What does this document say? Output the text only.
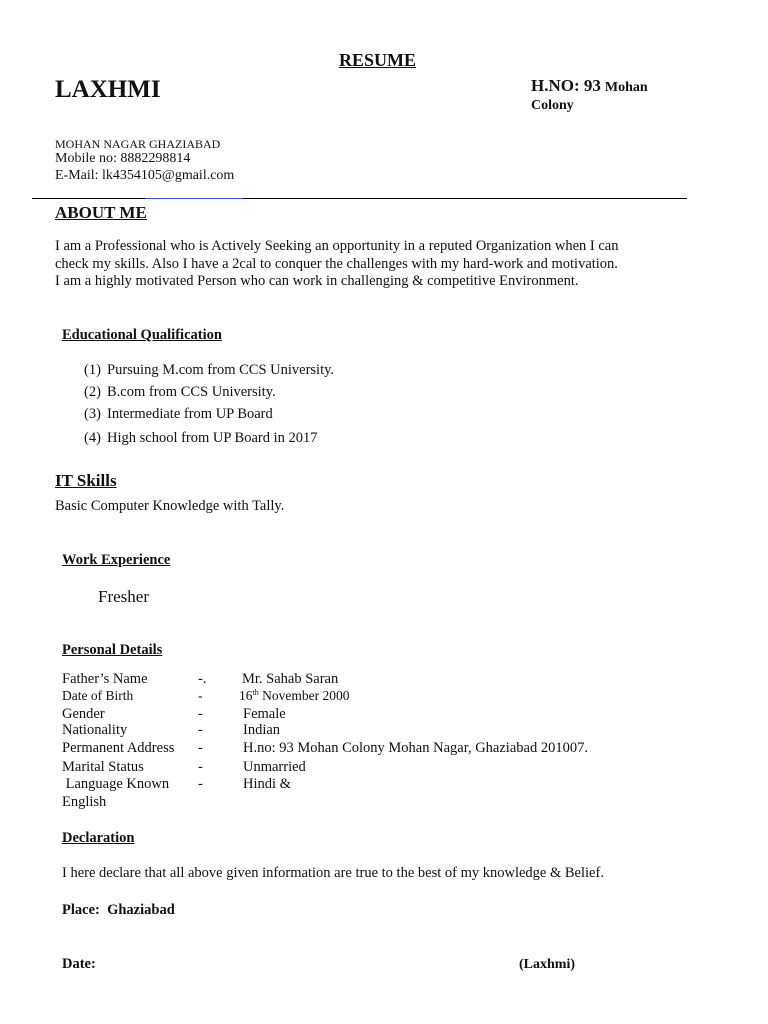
RESUME
LAXHMI	H.NO: 93 Mohan Colony
MOHAN NAGAR GHAZIABAD
Mobile no: 8882298814
E-Mail: lk4354105@gmail.com
ABOUT ME
I am a Professional who is Actively Seeking an opportunity in a reputed Organization when I can
check my skills. Also I have a 2cal to conquer the challenges with my hard-work and motivation.
I am a highly motivated Person who can work in challenging & competitive Environment.
Educational Qualification
(1) Pursuing M.com from CCS University.
(2) B.com from CCS University.
(3) Intermediate from UP Board
(4) High school from UP Board in 2017
IT Skills
Basic Computer Knowledge with Tally.
Work Experience
Fresher
Personal Details
Father’s Name	-. Mr. Sahab Saran
Date of Birth	-	16th November 2000
Gender	-	Female
Nationality	-	Indian
Permanent Address -	H.no: 93 Mohan Colony Mohan Nagar, Ghaziabad 201007.
Marital Status	-	Unmarried
Language Known -	Hindi &
English
Declaration
I here declare that all above given information are true to the best of my knowledge & Belief.
Place:  Ghaziabad
Date:	(Laxhmi)
